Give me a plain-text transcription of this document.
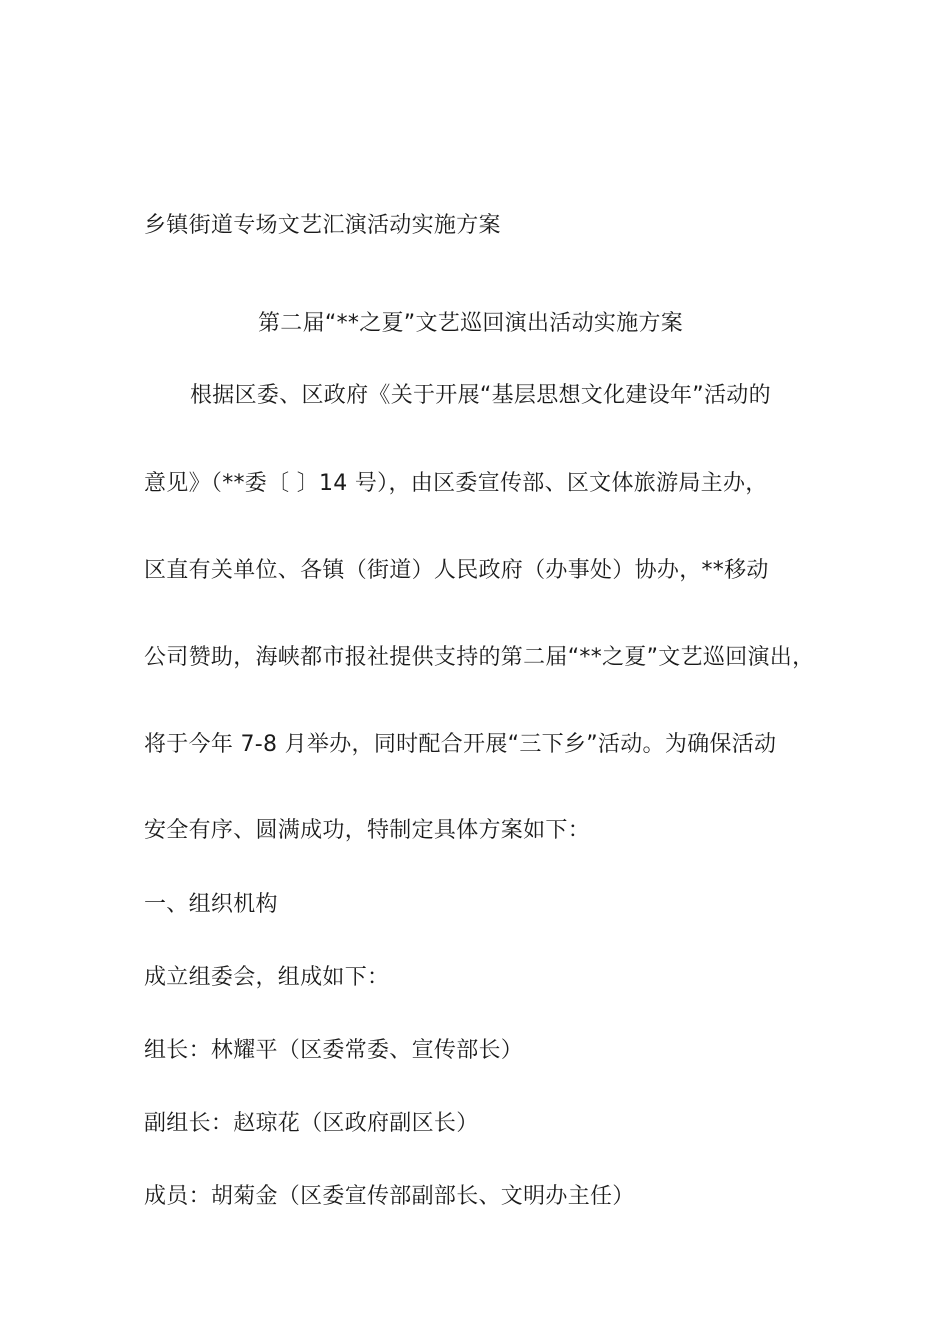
乡镇街道专场文艺汇演活动实施方案
第二届“**之夏”文艺巡回演出活动实施方案
根据区委、区政府《关于开展“基层思想文化建设年”活动的
意见》（**委〔 〕14 号），由区委宣传部、区文体旅游局主办，
区直有关单位、各镇（街道）人民政府（办事处）协办，**移动
公司赞助，海峡都市报社提供支持的第二届“**之夏”文艺巡回演出，
将于今年 7-8 月举办，同时配合开展“三下乡”活动。为确保活动
安全有序、圆满成功，特制定具体方案如下：
一、组织机构
成立组委会，组成如下：
组长：林耀平（区委常委、宣传部长）
副组长：赵琼花（区政府副区长）
成员：胡菊金（区委宣传部副部长、文明办主任）
